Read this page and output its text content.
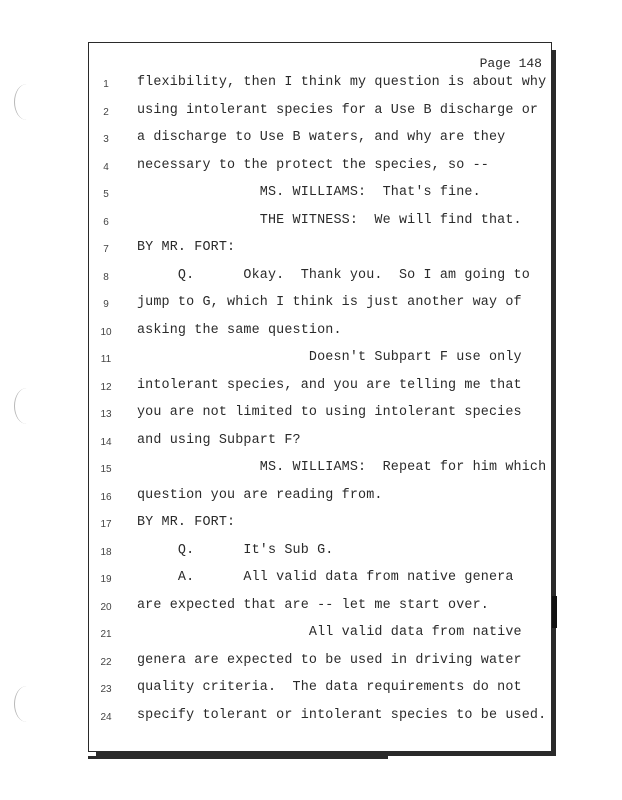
Page 148
1	flexibility, then I think my question is about why
2	using intolerant species for a Use B discharge or
3	a discharge to Use B waters, and why are they
4	necessary to the protect the species, so --
5	MS. WILLIAMS:  That's fine.
6	THE WITNESS:  We will find that.
7	BY MR. FORT:
8	Q.      Okay.  Thank you.  So I am going to
9	jump to G, which I think is just another way of
10	asking the same question.
11	Doesn't Subpart F use only
12	intolerant species, and you are telling me that
13	you are not limited to using intolerant species
14	and using Subpart F?
15	MS. WILLIAMS:  Repeat for him which
16	question you are reading from.
17	BY MR. FORT:
18	Q.      It's Sub G.
19	A.      All valid data from native genera
20	are expected that are -- let me start over.
21	All valid data from native
22	genera are expected to be used in driving water
23	quality criteria.  The data requirements do not
24	specify tolerant or intolerant species to be used.
